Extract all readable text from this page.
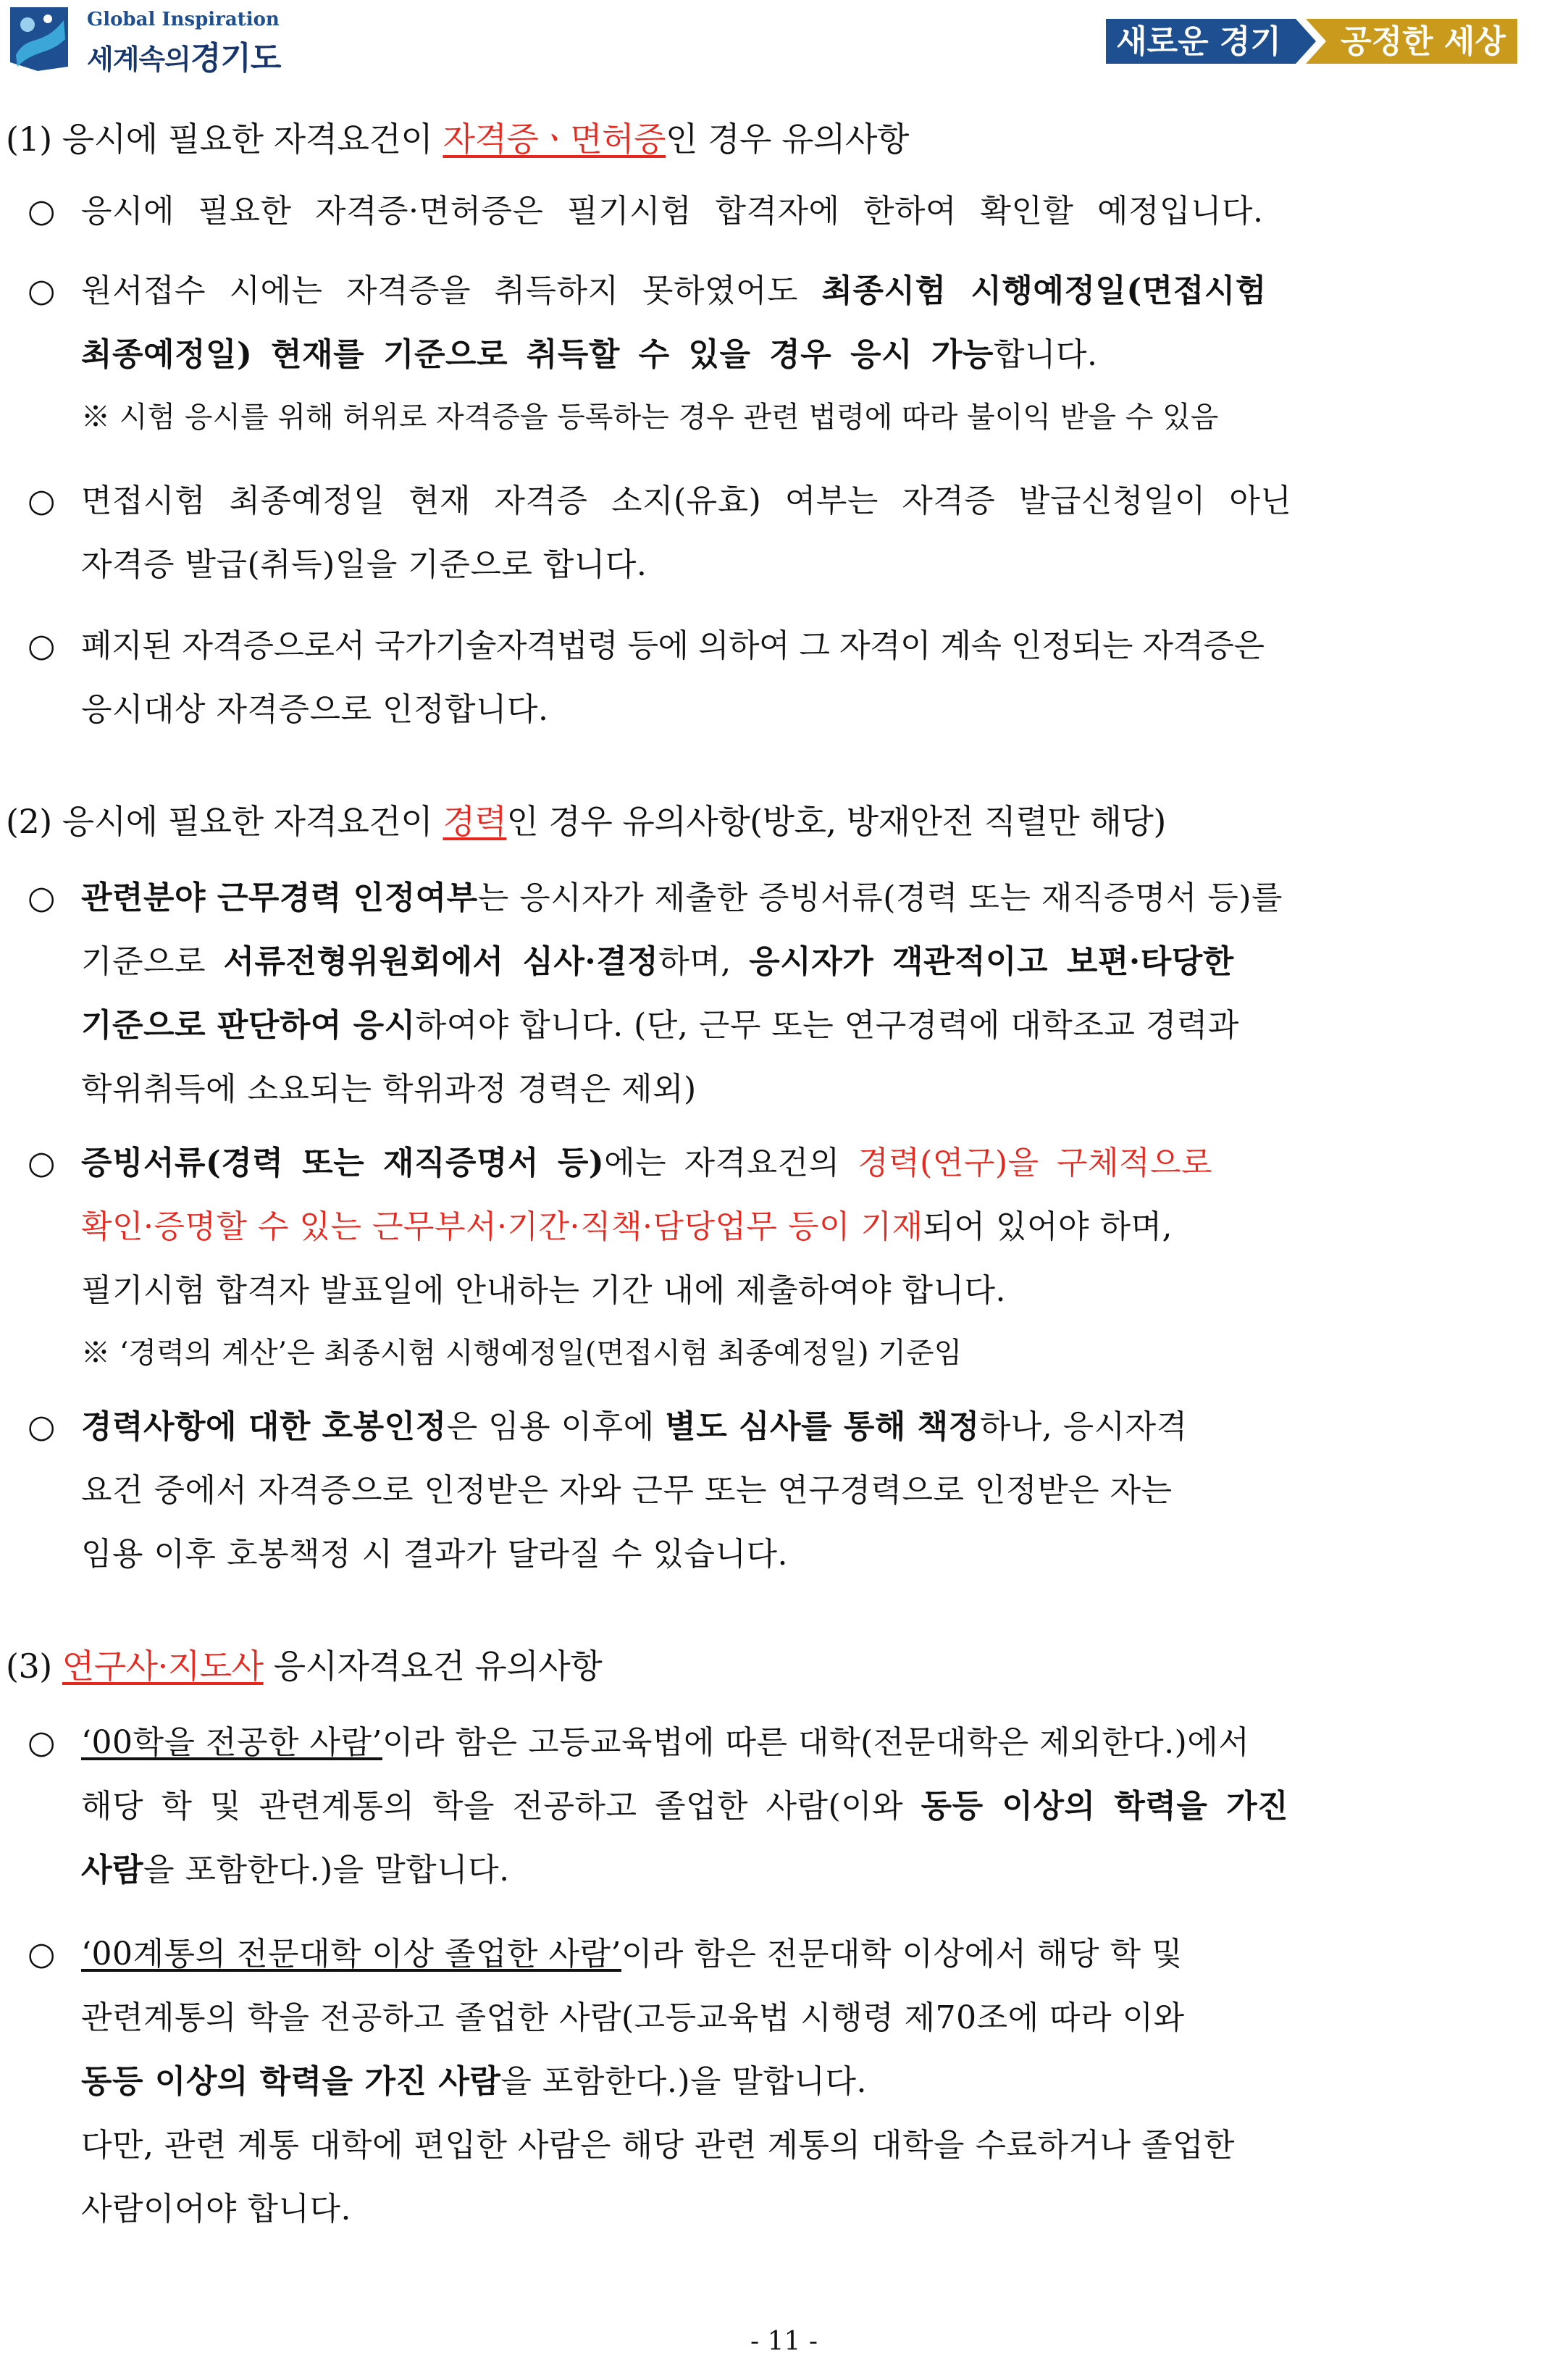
Global Inspiration
세계속의경기도	새로운 경기 공정한 세상
(1) 응시에 필요한 자격요건이 자격증ㆍ면허증인 경우 유의사항
○ 응시에 필요한 자격증·면허증은 필기시험 합격자에 한하여 확인할 예정입니다.
○ 원서접수 시에는 자격증을 취득하지 못하였어도 최종시험 시행예정일(면접시험
최종예정일) 현재를 기준으로 취득할 수 있을 경우 응시 가능합니다.
※ 시험 응시를 위해 허위로 자격증을 등록하는 경우 관련 법령에 따라 불이익 받을 수 있음
○ 면접시험 최종예정일 현재 자격증 소지(유효) 여부는 자격증 발급신청일이 아닌
자격증 발급(취득)일을 기준으로 합니다.
○ 폐지된 자격증으로서 국가기술자격법령 등에 의하여 그 자격이 계속 인정되는 자격증은
응시대상 자격증으로 인정합니다.
(2) 응시에 필요한 자격요건이 경력인 경우 유의사항(방호, 방재안전 직렬만 해당)
○ 관련분야 근무경력 인정여부는 응시자가 제출한 증빙서류(경력 또는 재직증명서 등)를
기준으로 서류전형위원회에서 심사·결정하며, 응시자가 객관적이고 보편·타당한
기준으로 판단하여 응시하여야 합니다. (단, 근무 또는 연구경력에 대학조교 경력과
학위취득에 소요되는 학위과정 경력은 제외)
○ 증빙서류(경력 또는 재직증명서 등)에는 자격요건의 경력(연구)을 구체적으로
확인·증명할 수 있는 근무부서·기간·직책·담당업무 등이 기재되어 있어야 하며,
필기시험 합격자 발표일에 안내하는 기간 내에 제출하여야 합니다.
※ ‘경력의 계산’은 최종시험 시행예정일(면접시험 최종예정일) 기준임
○ 경력사항에 대한 호봉인정은 임용 이후에 별도 심사를 통해 책정하나, 응시자격
요건 중에서 자격증으로 인정받은 자와 근무 또는 연구경력으로 인정받은 자는
임용 이후 호봉책정 시 결과가 달라질 수 있습니다.
(3) 연구사·지도사 응시자격요건 유의사항
○ ‘00학을 전공한 사람’이라 함은 고등교육법에 따른 대학(전문대학은 제외한다.)에서
해당 학 및 관련계통의 학을 전공하고 졸업한 사람(이와 동등 이상의 학력을 가진
사람을 포함한다.)을 말합니다.
○ ‘00계통의 전문대학 이상 졸업한 사람’이라 함은 전문대학 이상에서 해당 학 및
관련계통의 학을 전공하고 졸업한 사람(고등교육법 시행령 제70조에 따라 이와
동등 이상의 학력을 가진 사람을 포함한다.)을 말합니다.
다만, 관련 계통 대학에 편입한 사람은 해당 관련 계통의 대학을 수료하거나 졸업한
사람이어야 합니다.
- 11 -
